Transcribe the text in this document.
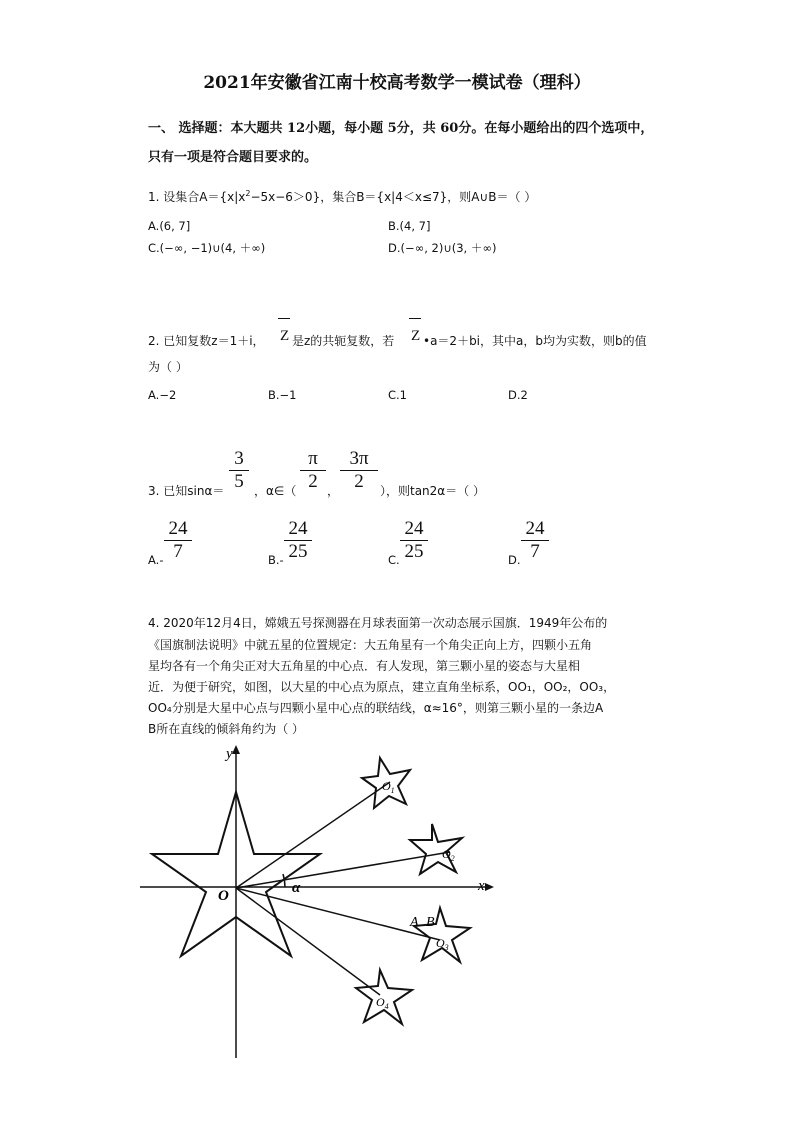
2021年安徽省江南十校高考数学一模试卷（理科）
一、 选择题：本大题共 12小题，每小题 5分，共 60分。在每小题给出的四个选项中，
只有一项是符合题目要求的。
1. 设集合$A=\{x|x^2-5x-6>0\}$，集合B＝{x|4＜x≤7}，则A∪B＝（ ）
A.(6, 7]	B.(4, 7]
C.(−∞, −1)∪(4, ＋∞)	D.(−∞, 2)∪(3, ＋∞)
2. 已知复数z＝1＋i， Z 是z的共轭复数，若 Z •a＝2＋bi，其中a，b均为实数，则b的值
为（ ）
A.−2	B.−1	C.1	D.2
3. 已知sinα＝
3
5 ，α∈（
π
2 ，
3π
2	），则tan2α＝（ ）
A.-
24
7	B.-
24
25	C.
24
25	D.
24
7
4. 2020年12月4日，嫦娥五号探测器在月球表面第一次动态展示国旗．1949年公布的
《国旗制法说明》中就五星的位置规定：大五角星有一个角尖正向上方，四颗小五角
星均各有一个角尖正对大五角星的中心点．有人发现，第三颗小星的姿态与大星相
近．为便于研究，如图，以大星的中心点为原点，建立直角坐标系，OO₁，OO₂，OO₃，
OO₄分别是大星中心点与四颗小星中心点的联结线，α≈16°，则第三颗小星的一条边A
B所在直线的倾斜角约为（ ）
y
x
O	α
A B
$O_1$
$O_2$
$O_3$
$O_4$
